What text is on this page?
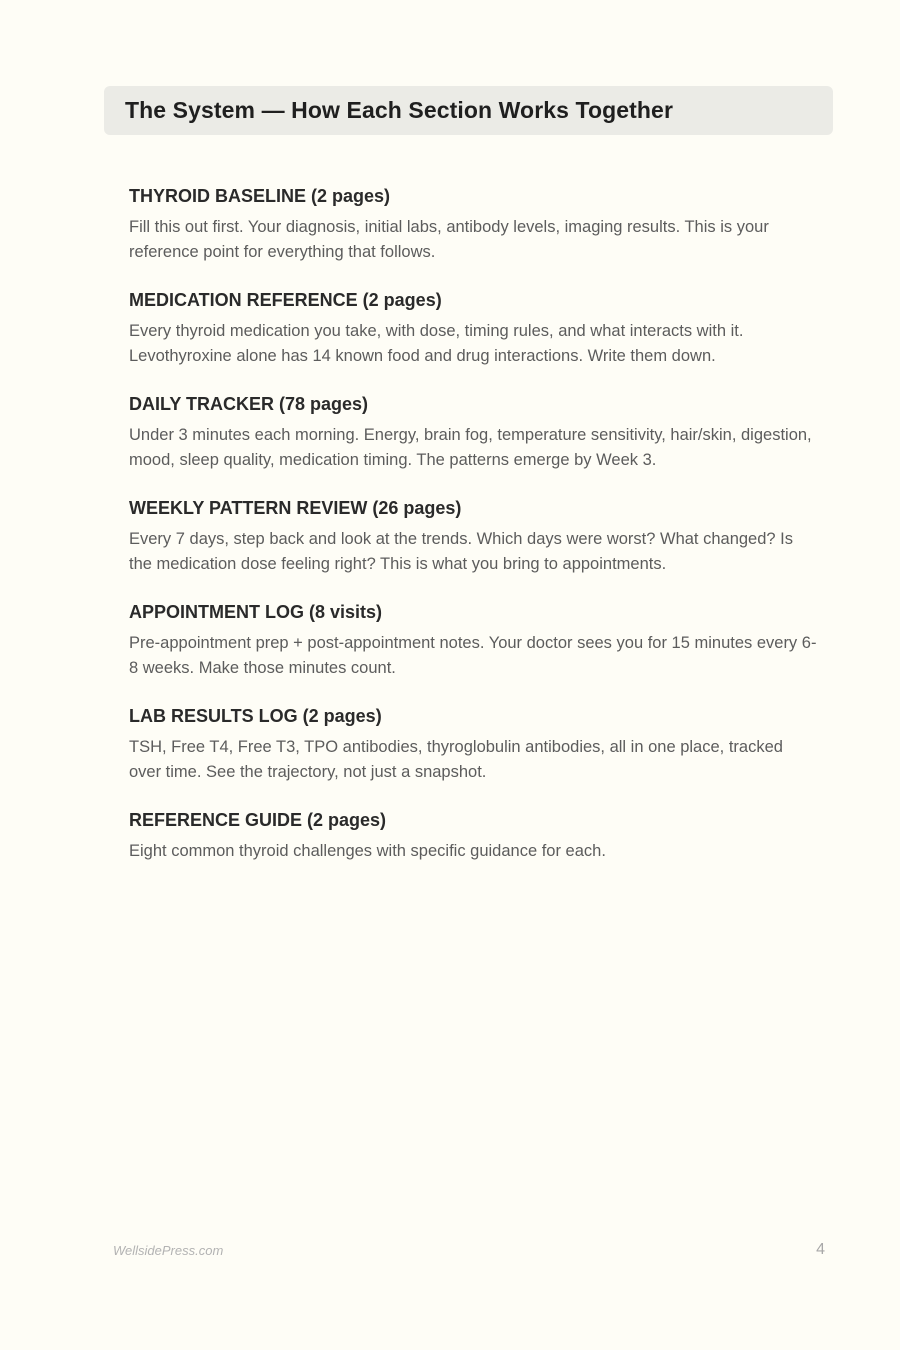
The System — How Each Section Works Together

THYROID BASELINE (2 pages)

Fill this out first. Your diagnosis, initial labs, antibody levels, imaging results. This is your reference point for everything that follows.

MEDICATION REFERENCE (2 pages)

Every thyroid medication you take, with dose, timing rules, and what interacts with it. Levothyroxine alone has 14 known food and drug interactions. Write them down.

DAILY TRACKER (78 pages)

Under 3 minutes each morning. Energy, brain fog, temperature sensitivity, hair/skin, digestion, mood, sleep quality, medication timing. The patterns emerge by Week 3.

WEEKLY PATTERN REVIEW (26 pages)

Every 7 days, step back and look at the trends. Which days were worst? What changed? Is the medication dose feeling right? This is what you bring to appointments.

APPOINTMENT LOG (8 visits)

Pre-appointment prep + post-appointment notes. Your doctor sees you for 15 minutes every 6-8 weeks. Make those minutes count.

LAB RESULTS LOG (2 pages)

TSH, Free T4, Free T3, TPO antibodies, thyroglobulin antibodies, all in one place, tracked over time. See the trajectory, not just a snapshot.

REFERENCE GUIDE (2 pages)

Eight common thyroid challenges with specific guidance for each.

WellsidePress.com	4
